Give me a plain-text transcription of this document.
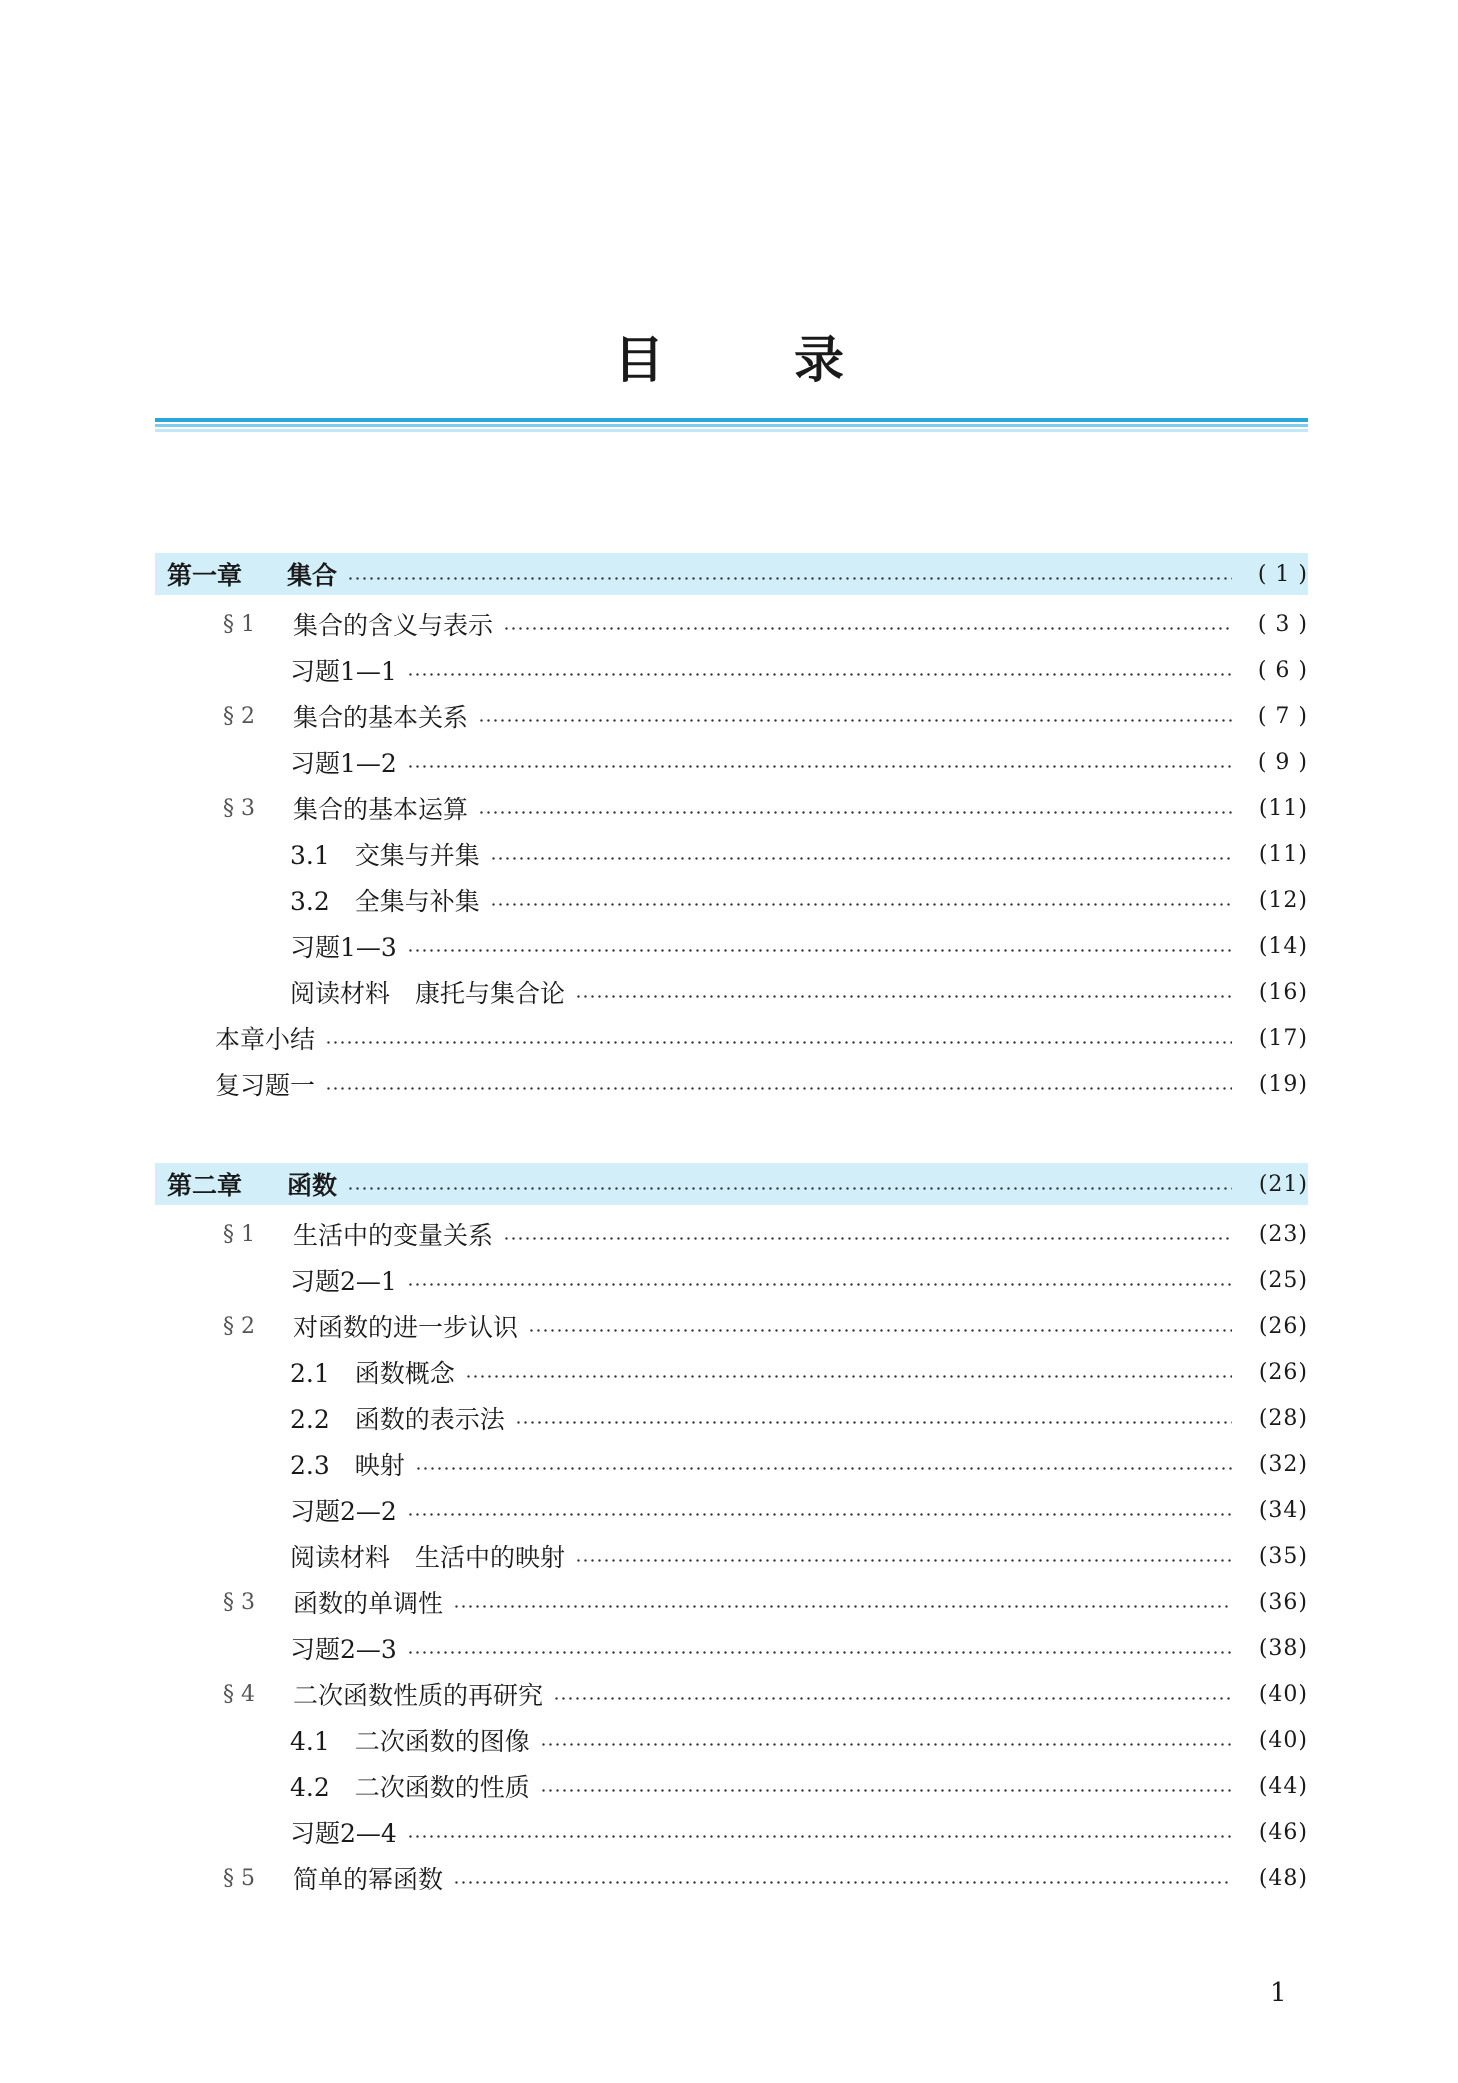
目	录
第一章	集合	( 1 )
§ 1	集合的含义与表示	( 3 )
习题1—1	( 6 )
§ 2	集合的基本关系	( 7 )
习题1—2	( 9 )
§ 3	集合的基本运算	(11)
3.1　交集与并集	(11)
3.2　全集与补集	(12)
习题1—3	(14)
阅读材料　康托与集合论	(16)
本章小结	(17)
复习题一	(19)
第二章	函数	(21)
§ 1	生活中的变量关系	(23)
习题2—1	(25)
§ 2	对函数的进一步认识	(26)
2.1　函数概念	(26)
2.2　函数的表示法	(28)
2.3　映射	(32)
习题2—2	(34)
阅读材料　生活中的映射	(35)
§ 3	函数的单调性	(36)
习题2—3	(38)
§ 4	二次函数性质的再研究	(40)
4.1　二次函数的图像	(40)
4.2　二次函数的性质	(44)
习题2—4	(46)
§ 5	简单的幂函数	(48)
1
